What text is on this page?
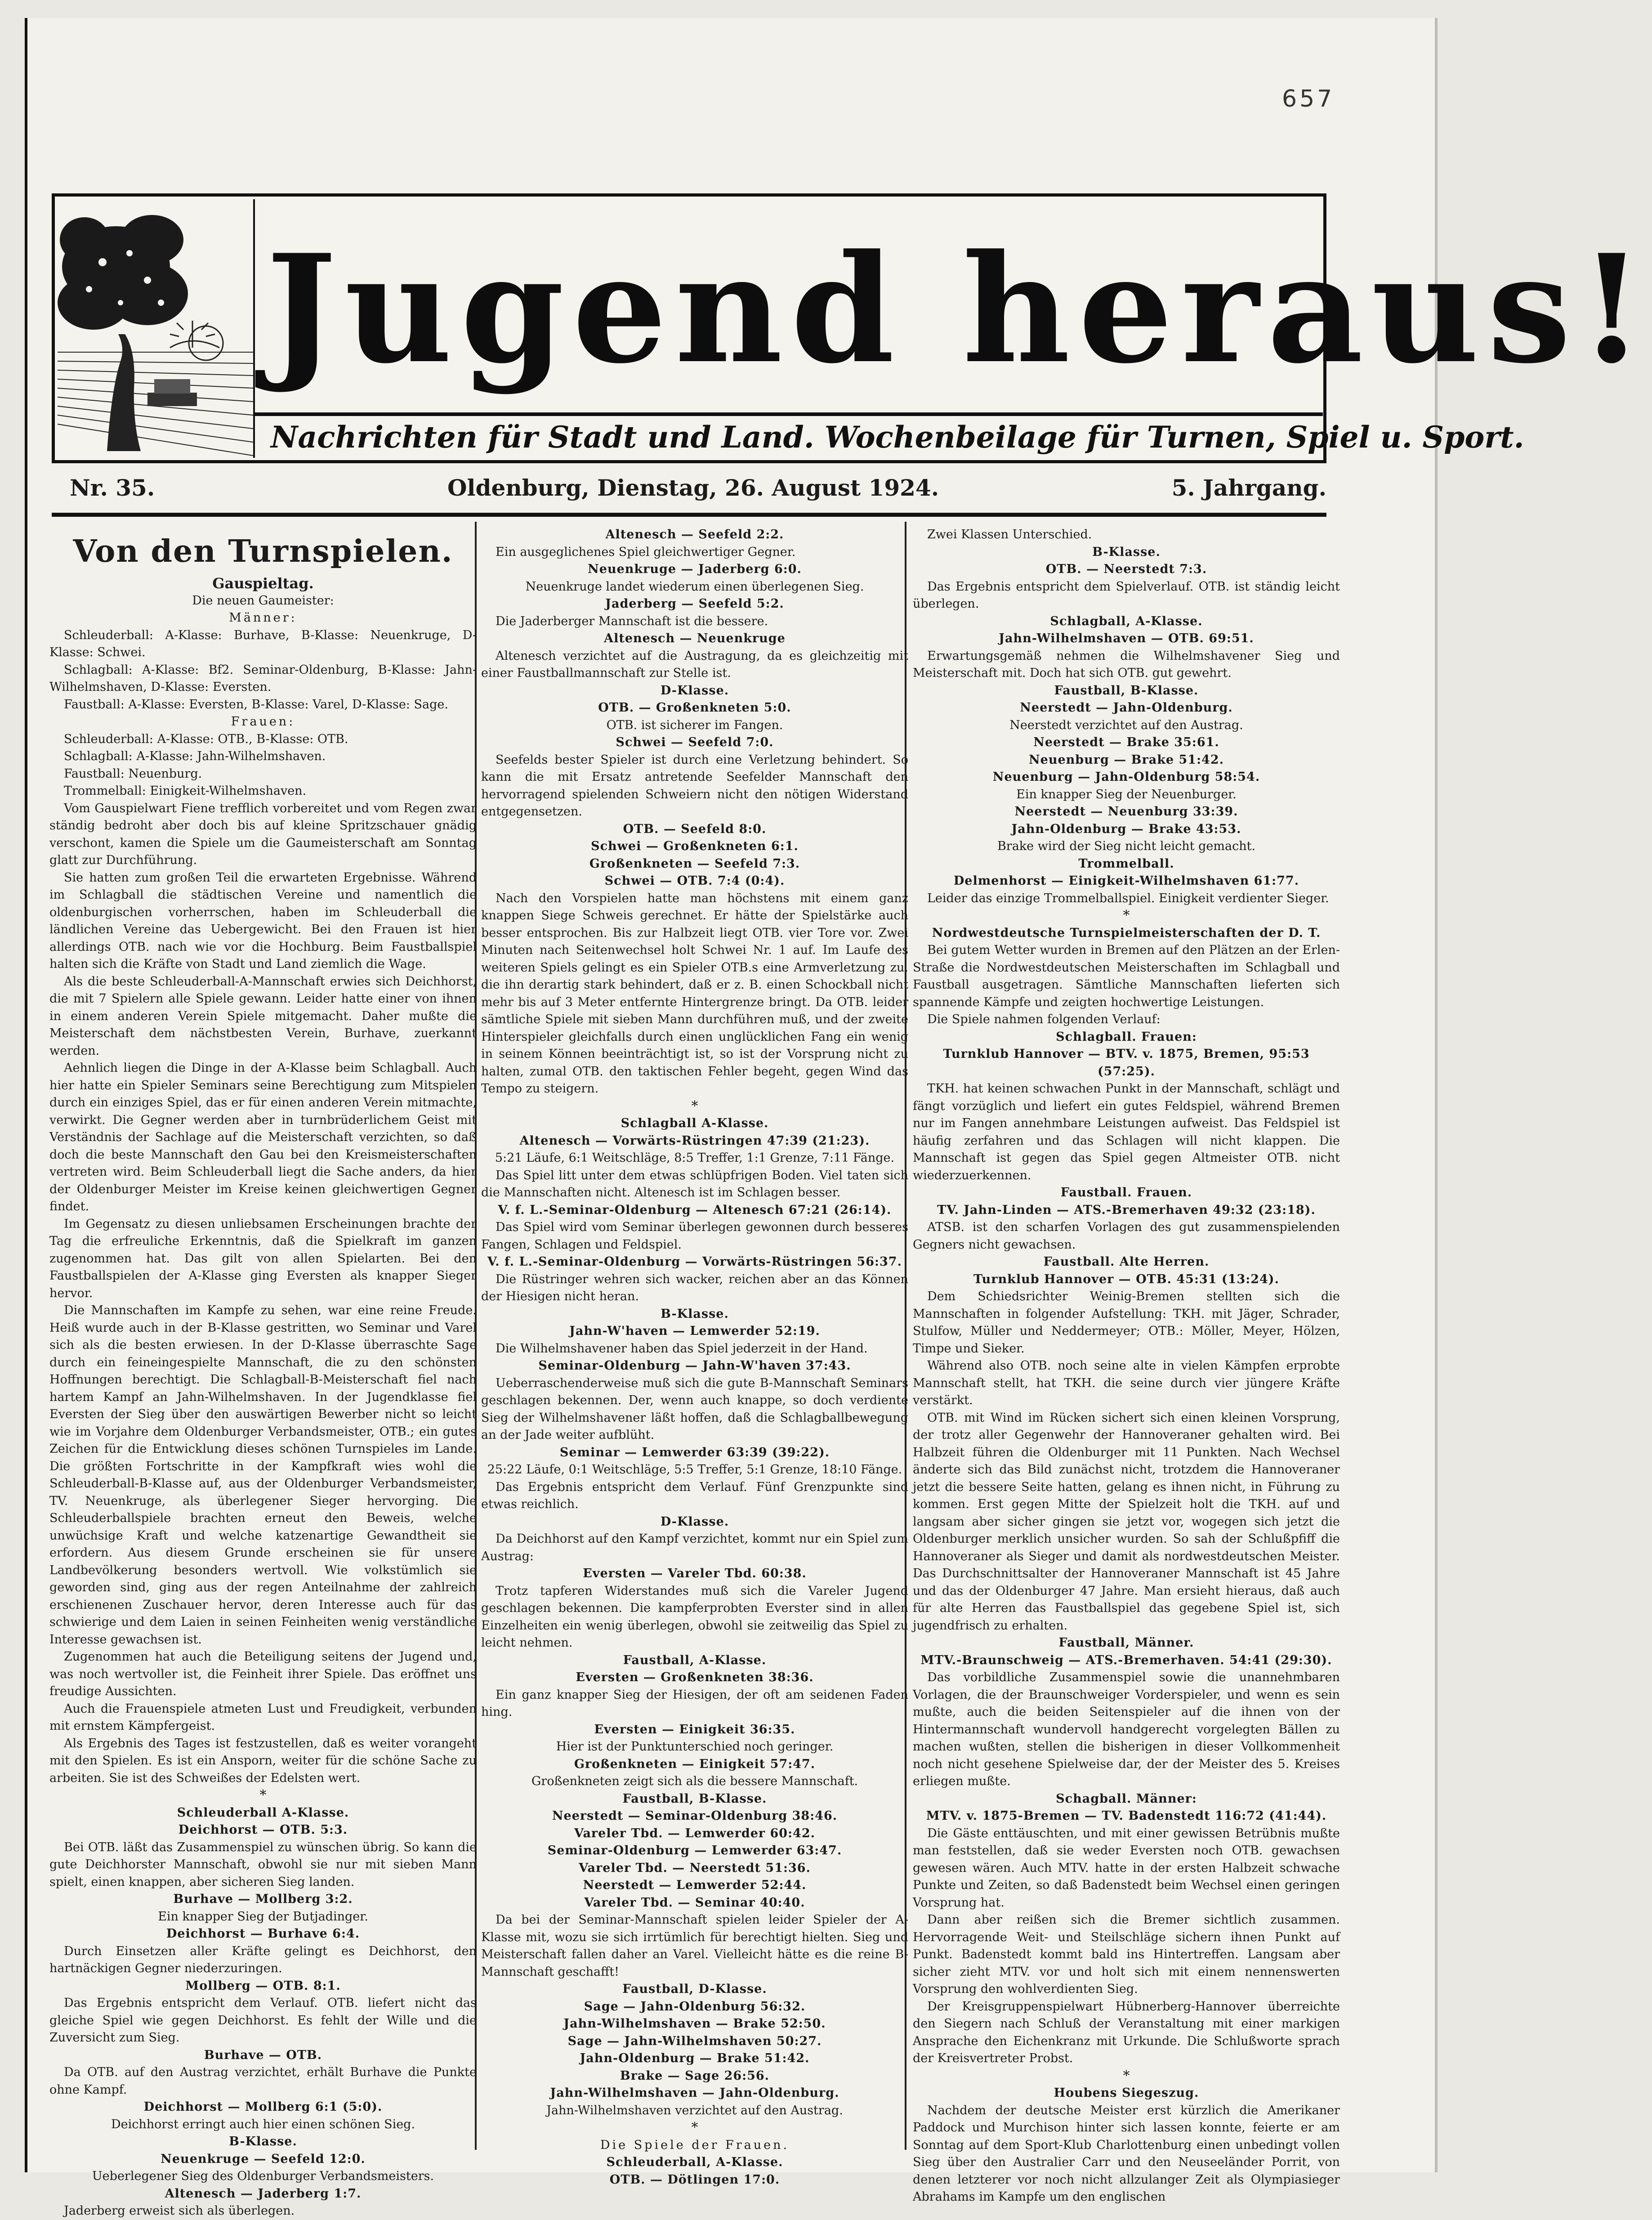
657
Jugend heraus!
Nachrichten für Stadt und Land. Wochenbeilage für Turnen, Spiel u. Sport.
Nr. 35.	Oldenburg, Dienstag, 26. August 1924.	5. Jahrgang.

Von den Turnspielen.

Gauspieltag.

Die neuen Gaumeister:

Männer:

Schleuderball: A-Klasse: Burhave, B-Klasse: Neuenkruge, D-Klasse: Schwei.

Schlagball: A-Klasse: Bf2. Seminar-Oldenburg, B-Klasse: Jahn-Wilhelmshaven, D-Klasse: Eversten.

Faustball: A-Klasse: Eversten, B-Klasse: Varel, D-Klasse: Sage.

Frauen:

Schleuderball: A-Klasse: OTB., B-Klasse: OTB.

Schlagball: A-Klasse: Jahn-Wilhelmshaven.

Faustball: Neuenburg.

Trommelball: Einigkeit-Wilhelmshaven.

Vom Gauspielwart Fiene trefflich vorbereitet und vom Regen zwar ständig bedroht aber doch bis auf kleine Spritzschauer gnädig verschont, kamen die Spiele um die Gaumeisterschaft am Sonntag glatt zur Durchführung.

Sie hatten zum großen Teil die erwarteten Ergebnisse. Während im Schlagball die städtischen Vereine und namentlich die oldenburgischen vorherrschen, haben im Schleuderball die ländlichen Vereine das Uebergewicht. Bei den Frauen ist hier allerdings OTB. nach wie vor die Hochburg. Beim Faustballspiel halten sich die Kräfte von Stadt und Land ziemlich die Wage.

Als die beste Schleuderball-A-Mannschaft erwies sich Deichhorst, die mit 7 Spielern alle Spiele gewann. Leider hatte einer von ihnen in einem anderen Verein Spiele mitgemacht. Daher mußte die Meisterschaft dem nächstbesten Verein, Burhave, zuerkannt werden.

Aehnlich liegen die Dinge in der A-Klasse beim Schlagball. Auch hier hatte ein Spieler Seminars seine Berechtigung zum Mitspielen durch ein einziges Spiel, das er für einen anderen Verein mitmachte, verwirkt. Die Gegner werden aber in turnbrüderlichem Geist mit Verständnis der Sachlage auf die Meisterschaft verzichten, so daß doch die beste Mannschaft den Gau bei den Kreismeisterschaften vertreten wird. Beim Schleuderball liegt die Sache anders, da hier der Oldenburger Meister im Kreise keinen gleichwertigen Gegner findet.

Im Gegensatz zu diesen unliebsamen Erscheinungen brachte der Tag die erfreuliche Erkenntnis, daß die Spielkraft im ganzen zugenommen hat. Das gilt von allen Spielarten. Bei den Faustballspielen der A-Klasse ging Eversten als knapper Sieger hervor.

Die Mannschaften im Kampfe zu sehen, war eine reine Freude. Heiß wurde auch in der B-Klasse gestritten, wo Seminar und Varel sich als die besten erwiesen. In der D-Klasse überraschte Sage durch ein feineingespielte Mannschaft, die zu den schönsten Hoffnungen berechtigt. Die Schlagball-B-Meisterschaft fiel nach hartem Kampf an Jahn-Wilhelmshaven. In der Jugendklasse fiel Eversten der Sieg über den auswärtigen Bewerber nicht so leicht wie im Vorjahre dem Oldenburger Verbandsmeister, OTB.; ein gutes Zeichen für die Entwicklung dieses schönen Turnspieles im Lande. Die größten Fortschritte in der Kampfkraft wies wohl die Schleuderball-B-Klasse auf, aus der Oldenburger Verbandsmeister, TV. Neuenkruge, als überlegener Sieger hervorging. Die Schleuderballspiele brachten erneut den Beweis, welche unwüchsige Kraft und welche katzenartige Gewandtheit sie erfordern. Aus diesem Grunde erscheinen sie für unsere Landbevölkerung besonders wertvoll. Wie volkstümlich sie geworden sind, ging aus der regen Anteilnahme der zahlreich erschienenen Zuschauer hervor, deren Interesse auch für das schwierige und dem Laien in seinen Feinheiten wenig verständliche Interesse gewachsen ist.

Zugenommen hat auch die Beteiligung seitens der Jugend und, was noch wertvoller ist, die Feinheit ihrer Spiele. Das eröffnet uns freudige Aussichten.

Auch die Frauenspiele atmeten Lust und Freudigkeit, verbunden mit ernstem Kämpfergeist.

Als Ergebnis des Tages ist festzustellen, daß es weiter vorangeht mit den Spielen. Es ist ein Ansporn, weiter für die schöne Sache zu arbeiten. Sie ist des Schweißes der Edelsten wert.

*

Schleuderball A-Klasse.

Deichhorst — OTB. 5:3.

Bei OTB. läßt das Zusammenspiel zu wünschen übrig. So kann die gute Deichhorster Mannschaft, obwohl sie nur mit sieben Mann spielt, einen knappen, aber sicheren Sieg landen.

Burhave — Mollberg 3:2.

Ein knapper Sieg der Butjadinger.

Deichhorst — Burhave 6:4.

Durch Einsetzen aller Kräfte gelingt es Deichhorst, den hartnäckigen Gegner niederzuringen.

Mollberg — OTB. 8:1.

Das Ergebnis entspricht dem Verlauf. OTB. liefert nicht das gleiche Spiel wie gegen Deichhorst. Es fehlt der Wille und die Zuversicht zum Sieg.

Burhave — OTB.

Da OTB. auf den Austrag verzichtet, erhält Burhave die Punkte ohne Kampf.

Deichhorst — Mollberg 6:1 (5:0).

Deichhorst erringt auch hier einen schönen Sieg.

B-Klasse.

Neuenkruge — Seefeld 12:0.

Ueberlegener Sieg des Oldenburger Verbandsmeisters.

Altenesch — Jaderberg 1:7.

Jaderberg erweist sich als überlegen.

Altenesch — Seefeld 2:2.

Ein ausgeglichenes Spiel gleichwertiger Gegner.

Neuenkruge — Jaderberg 6:0.

Neuenkruge landet wiederum einen überlegenen Sieg.

Jaderberg — Seefeld 5:2.

Die Jaderberger Mannschaft ist die bessere.

Altenesch — Neuenkruge

Altenesch verzichtet auf die Austragung, da es gleichzeitig mit einer Faustballmannschaft zur Stelle ist.

D-Klasse.

OTB. — Großenkneten 5:0.

OTB. ist sicherer im Fangen.

Schwei — Seefeld 7:0.

Seefelds bester Spieler ist durch eine Verletzung behindert. So kann die mit Ersatz antretende Seefelder Mannschaft den hervorragend spielenden Schweiern nicht den nötigen Widerstand entgegensetzen.

OTB. — Seefeld 8:0.

Schwei — Großenkneten 6:1.

Großenkneten — Seefeld 7:3.

Schwei — OTB. 7:4 (0:4).

Nach den Vorspielen hatte man höchstens mit einem ganz knappen Siege Schweis gerechnet. Er hätte der Spielstärke auch besser entsprochen. Bis zur Halbzeit liegt OTB. vier Tore vor. Zwei Minuten nach Seitenwechsel holt Schwei Nr. 1 auf. Im Laufe des weiteren Spiels gelingt es ein Spieler OTB.s eine Armverletzung zu, die ihn derartig stark behindert, daß er z. B. einen Schockball nicht mehr bis auf 3 Meter entfernte Hintergrenze bringt. Da OTB. leider sämtliche Spiele mit sieben Mann durchführen muß, und der zweite Hinterspieler gleichfalls durch einen unglücklichen Fang ein wenig in seinem Können beeinträchtigt ist, so ist der Vorsprung nicht zu halten, zumal OTB. den taktischen Fehler begeht, gegen Wind das Tempo zu steigern.

*

Schlagball A-Klasse.

Altenesch — Vorwärts-Rüstringen 47:39 (21:23).

5:21 Läufe, 6:1 Weitschläge, 8:5 Treffer, 1:1 Grenze, 7:11 Fänge.

Das Spiel litt unter dem etwas schlüpfrigen Boden. Viel taten sich die Mannschaften nicht. Altenesch ist im Schlagen besser.

V. f. L.-Seminar-Oldenburg — Altenesch 67:21 (26:14).

Das Spiel wird vom Seminar überlegen gewonnen durch besseres Fangen, Schlagen und Feldspiel.

V. f. L.-Seminar-Oldenburg — Vorwärts-Rüstringen 56:37.

Die Rüstringer wehren sich wacker, reichen aber an das Können der Hiesigen nicht heran.

B-Klasse.

Jahn-W'haven — Lemwerder 52:19.

Die Wilhelmshavener haben das Spiel jederzeit in der Hand.

Seminar-Oldenburg — Jahn-W'haven 37:43.

Ueberraschenderweise muß sich die gute B-Mannschaft Seminars geschlagen bekennen. Der, wenn auch knappe, so doch verdiente Sieg der Wilhelmshavener läßt hoffen, daß die Schlagballbewegung an der Jade weiter aufblüht.

Seminar — Lemwerder 63:39 (39:22).

25:22 Läufe, 0:1 Weitschläge, 5:5 Treffer, 5:1 Grenze, 18:10 Fänge.

Das Ergebnis entspricht dem Verlauf. Fünf Grenzpunkte sind etwas reichlich.

D-Klasse.

Da Deichhorst auf den Kampf verzichtet, kommt nur ein Spiel zum Austrag:

Eversten — Vareler Tbd. 60:38.

Trotz tapferen Widerstandes muß sich die Vareler Jugend geschlagen bekennen. Die kampferprobten Everster sind in allen Einzelheiten ein wenig überlegen, obwohl sie zeitweilig das Spiel zu leicht nehmen.

Faustball, A-Klasse.

Eversten — Großenkneten 38:36.

Ein ganz knapper Sieg der Hiesigen, der oft am seidenen Faden hing.

Eversten — Einigkeit 36:35.

Hier ist der Punktunterschied noch geringer.

Großenkneten — Einigkeit 57:47.

Großenkneten zeigt sich als die bessere Mannschaft.

Faustball, B-Klasse.

Neerstedt — Seminar-Oldenburg 38:46.

Vareler Tbd. — Lemwerder 60:42.

Seminar-Oldenburg — Lemwerder 63:47.

Vareler Tbd. — Neerstedt 51:36.

Neerstedt — Lemwerder 52:44.

Vareler Tbd. — Seminar 40:40.

Da bei der Seminar-Mannschaft spielen leider Spieler der A-Klasse mit, wozu sie sich irrtümlich für berechtigt hielten. Sieg und Meisterschaft fallen daher an Varel. Vielleicht hätte es die reine B-Mannschaft geschafft!

Faustball, D-Klasse.

Sage — Jahn-Oldenburg 56:32.

Jahn-Wilhelmshaven — Brake 52:50.

Sage — Jahn-Wilhelmshaven 50:27.

Jahn-Oldenburg — Brake 51:42.

Brake — Sage 26:56.

Jahn-Wilhelmshaven — Jahn-Oldenburg.

Jahn-Wilhelmshaven verzichtet auf den Austrag.

*

Die Spiele der Frauen.

Schleuderball, A-Klasse.

OTB. — Dötlingen 17:0.

Zwei Klassen Unterschied.

B-Klasse.

OTB. — Neerstedt 7:3.

Das Ergebnis entspricht dem Spielverlauf. OTB. ist ständig leicht überlegen.

Schlagball, A-Klasse.

Jahn-Wilhelmshaven — OTB. 69:51.

Erwartungsgemäß nehmen die Wilhelmshavener Sieg und Meisterschaft mit. Doch hat sich OTB. gut gewehrt.

Faustball, B-Klasse.

Neerstedt — Jahn-Oldenburg.

Neerstedt verzichtet auf den Austrag.

Neerstedt — Brake 35:61.

Neuenburg — Brake 51:42.

Neuenburg — Jahn-Oldenburg 58:54.

Ein knapper Sieg der Neuenburger.

Neerstedt — Neuenburg 33:39.

Jahn-Oldenburg — Brake 43:53.

Brake wird der Sieg nicht leicht gemacht.

Trommelball.

Delmenhorst — Einigkeit-Wilhelmshaven 61:77.

Leider das einzige Trommelballspiel. Einigkeit verdienter Sieger.

*

Nordwestdeutsche Turnspielmeisterschaften der D. T.

Bei gutem Wetter wurden in Bremen auf den Plätzen an der Erlen-Straße die Nordwestdeutschen Meisterschaften im Schlagball und Faustball ausgetragen. Sämtliche Mannschaften lieferten sich spannende Kämpfe und zeigten hochwertige Leistungen.

Die Spiele nahmen folgenden Verlauf:

Schlagball. Frauen:

Turnklub Hannover — BTV. v. 1875, Bremen, 95:53 (57:25).

TKH. hat keinen schwachen Punkt in der Mannschaft, schlägt und fängt vorzüglich und liefert ein gutes Feldspiel, während Bremen nur im Fangen annehmbare Leistungen aufweist. Das Feldspiel ist häufig zerfahren und das Schlagen will nicht klappen. Die Mannschaft ist gegen das Spiel gegen Altmeister OTB. nicht wiederzuerkennen.

Faustball. Frauen.

TV. Jahn-Linden — ATS.-Bremerhaven 49:32 (23:18).

ATSB. ist den scharfen Vorlagen des gut zusammenspielenden Gegners nicht gewachsen.

Faustball. Alte Herren.

Turnklub Hannover — OTB. 45:31 (13:24).

Dem Schiedsrichter Weinig-Bremen stellten sich die Mannschaften in folgender Aufstellung: TKH. mit Jäger, Schrader, Stulfow, Müller und Neddermeyer; OTB.: Möller, Meyer, Hölzen, Timpe und Sieker.

Während also OTB. noch seine alte in vielen Kämpfen erprobte Mannschaft stellt, hat TKH. die seine durch vier jüngere Kräfte verstärkt.

OTB. mit Wind im Rücken sichert sich einen kleinen Vorsprung, der trotz aller Gegenwehr der Hannoveraner gehalten wird. Bei Halbzeit führen die Oldenburger mit 11 Punkten. Nach Wechsel änderte sich das Bild zunächst nicht, trotzdem die Hannoveraner jetzt die bessere Seite hatten, gelang es ihnen nicht, in Führung zu kommen. Erst gegen Mitte der Spielzeit holt die TKH. auf und langsam aber sicher gingen sie jetzt vor, wogegen sich jetzt die Oldenburger merklich unsicher wurden. So sah der Schlußpfiff die Hannoveraner als Sieger und damit als nordwestdeutschen Meister. Das Durchschnittsalter der Hannoveraner Mannschaft ist 45 Jahre und das der Oldenburger 47 Jahre. Man ersieht hieraus, daß auch für alte Herren das Faustballspiel das gegebene Spiel ist, sich jugendfrisch zu erhalten.

Faustball, Männer.

MTV.-Braunschweig — ATS.-Bremerhaven. 54:41 (29:30).

Das vorbildliche Zusammenspiel sowie die unannehmbaren Vorlagen, die der Braunschweiger Vorderspieler, und wenn es sein mußte, auch die beiden Seitenspieler auf die ihnen von der Hintermannschaft wundervoll handgerecht vorgelegten Bällen zu machen wußten, stellen die bisherigen in dieser Vollkommenheit noch nicht gesehene Spielweise dar, der der Meister des 5. Kreises erliegen mußte.

Schagball. Männer:

MTV. v. 1875-Bremen — TV. Badenstedt 116:72 (41:44).

Die Gäste enttäuschten, und mit einer gewissen Betrübnis mußte man feststellen, daß sie weder Eversten noch OTB. gewachsen gewesen wären. Auch MTV. hatte in der ersten Halbzeit schwache Punkte und Zeiten, so daß Badenstedt beim Wechsel einen geringen Vorsprung hat.

Dann aber reißen sich die Bremer sichtlich zusammen. Hervorragende Weit- und Steilschläge sichern ihnen Punkt auf Punkt. Badenstedt kommt bald ins Hintertreffen. Langsam aber sicher zieht MTV. vor und holt sich mit einem nennenswerten Vorsprung den wohlverdienten Sieg.

Der Kreisgruppenspielwart Hübnerberg-Hannover überreichte den Siegern nach Schluß der Veranstaltung mit einer markigen Ansprache den Eichenkranz mit Urkunde. Die Schlußworte sprach der Kreisvertreter Probst.

*

Houbens Siegeszug.

Nachdem der deutsche Meister erst kürzlich die Amerikaner Paddock und Murchison hinter sich lassen konnte, feierte er am Sonntag auf dem Sport-Klub Charlottenburg einen unbedingt vollen Sieg über den Australier Carr und den Neuseeländer Porrit, von denen letzterer vor noch nicht allzulanger Zeit als Olympiasieger Abrahams im Kampfe um den englischen
